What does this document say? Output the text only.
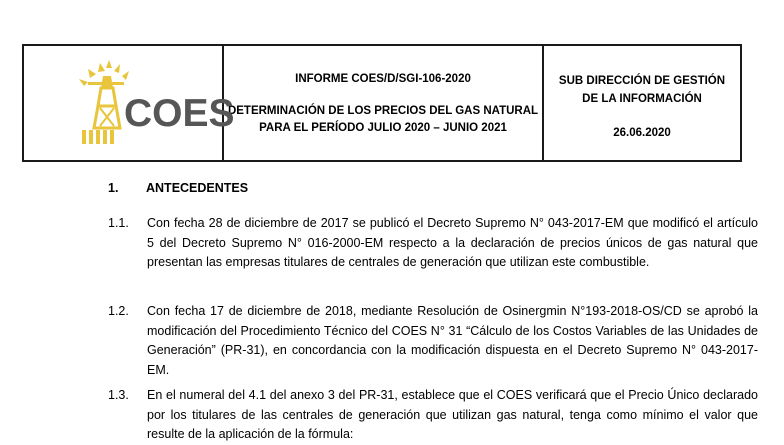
COES
INFORME COES/D/SGI-106-2020
DETERMINACIÓN DE LOS PRECIOS DEL GAS NATURAL
PARA EL PERÍODO JULIO 2020 – JUNIO 2021
SUB DIRECCIÓN DE GESTIÓN
DE LA INFORMACIÓN
26.06.2020
1. ANTECEDENTES
1.1. Con fecha 28 de diciembre de 2017 se publicó el Decreto Supremo N° 043-2017-EM que modificó el artículo 5 del Decreto Supremo N° 016-2000-EM respecto a la declaración de precios únicos de gas natural que presentan las empresas titulares de centrales de generación que utilizan este combustible.
1.2. Con fecha 17 de diciembre de 2018, mediante Resolución de Osinergmin N°193-2018-OS/CD se aprobó la modificación del Procedimiento Técnico del COES N° 31 “Cálculo de los Costos Variables de las Unidades de Generación” (PR-31), en concordancia con la modificación dispuesta en el Decreto Supremo N° 043-2017-EM.
1.3. En el numeral del 4.1 del anexo 3 del PR-31, establece que el COES verificará que el Precio Único declarado por los titulares de las centrales de generación que utilizan gas natural, tenga como mínimo el valor que resulte de la aplicación de la fórmula:
